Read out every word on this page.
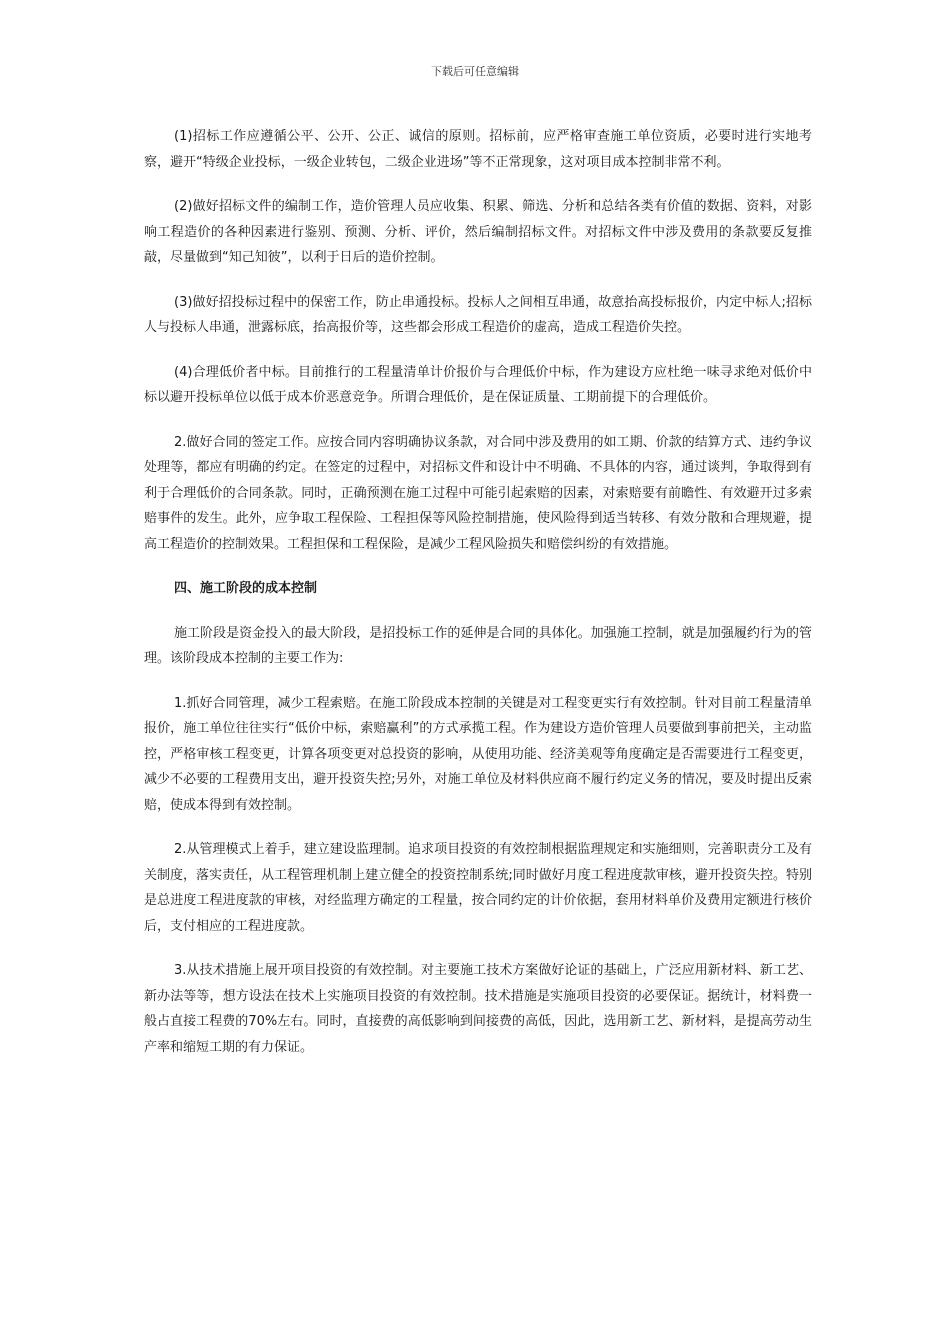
下载后可任意编辑

(1)招标工作应遵循公平、公开、公正、诚信的原则。招标前，应严格审查施工单位资质，必要时进行实地考察，避开“特级企业投标，一级企业转包，二级企业进场”等不正常现象，这对项目成本控制非常不利。

(2)做好招标文件的编制工作，造价管理人员应收集、积累、筛选、分析和总结各类有价值的数据、资料，对影响工程造价的各种因素进行鉴别、预测、分析、评价，然后编制招标文件。对招标文件中涉及费用的条款要反复推敲，尽量做到“知己知彼”，以利于日后的造价控制。

(3)做好招投标过程中的保密工作，防止串通投标。投标人之间相互串通，故意抬高投标报价，内定中标人;招标人与投标人串通，泄露标底，抬高报价等，这些都会形成工程造价的虚高，造成工程造价失控。

(4)合理低价者中标。目前推行的工程量清单计价报价与合理低价中标，作为建设方应杜绝一味寻求绝对低价中标以避开投标单位以低于成本价恶意竞争。所谓合理低价，是在保证质量、工期前提下的合理低价。

2.做好合同的签定工作。应按合同内容明确协议条款，对合同中涉及费用的如工期、价款的结算方式、违约争议处理等，都应有明确的约定。在签定的过程中，对招标文件和设计中不明确、不具体的内容，通过谈判，争取得到有利于合理低价的合同条款。同时，正确预测在施工过程中可能引起索赔的因素，对索赔要有前瞻性、有效避开过多索赔事件的发生。此外，应争取工程保险、工程担保等风险控制措施，使风险得到适当转移、有效分散和合理规避，提高工程造价的控制效果。工程担保和工程保险，是减少工程风险损失和赔偿纠纷的有效措施。

四、施工阶段的成本控制

施工阶段是资金投入的最大阶段，是招投标工作的延伸是合同的具体化。加强施工控制，就是加强履约行为的管理。该阶段成本控制的主要工作为:

1.抓好合同管理，减少工程索赔。在施工阶段成本控制的关键是对工程变更实行有效控制。针对目前工程量清单报价，施工单位往往实行“低价中标，索赔赢利”的方式承揽工程。作为建设方造价管理人员要做到事前把关，主动监控，严格审核工程变更，计算各项变更对总投资的影响，从使用功能、经济美观等角度确定是否需要进行工程变更，减少不必要的工程费用支出，避开投资失控;另外，对施工单位及材料供应商不履行约定义务的情况，要及时提出反索赔，使成本得到有效控制。

2.从管理模式上着手，建立建设监理制。追求项目投资的有效控制根据监理规定和实施细则，完善职责分工及有关制度，落实责任，从工程管理机制上建立健全的投资控制系统;同时做好月度工程进度款审核，避开投资失控。特别是总进度工程进度款的审核，对经监理方确定的工程量，按合同约定的计价依据，套用材料单价及费用定额进行核价后，支付相应的工程进度款。

3.从技术措施上展开项目投资的有效控制。对主要施工技术方案做好论证的基础上，广泛应用新材料、新工艺、新办法等等，想方设法在技术上实施项目投资的有效控制。技术措施是实施项目投资的必要保证。据统计，材料费一般占直接工程费的70%左右。同时，直接费的高低影响到间接费的高低，因此，选用新工艺、新材料，是提高劳动生产率和缩短工期的有力保证。
